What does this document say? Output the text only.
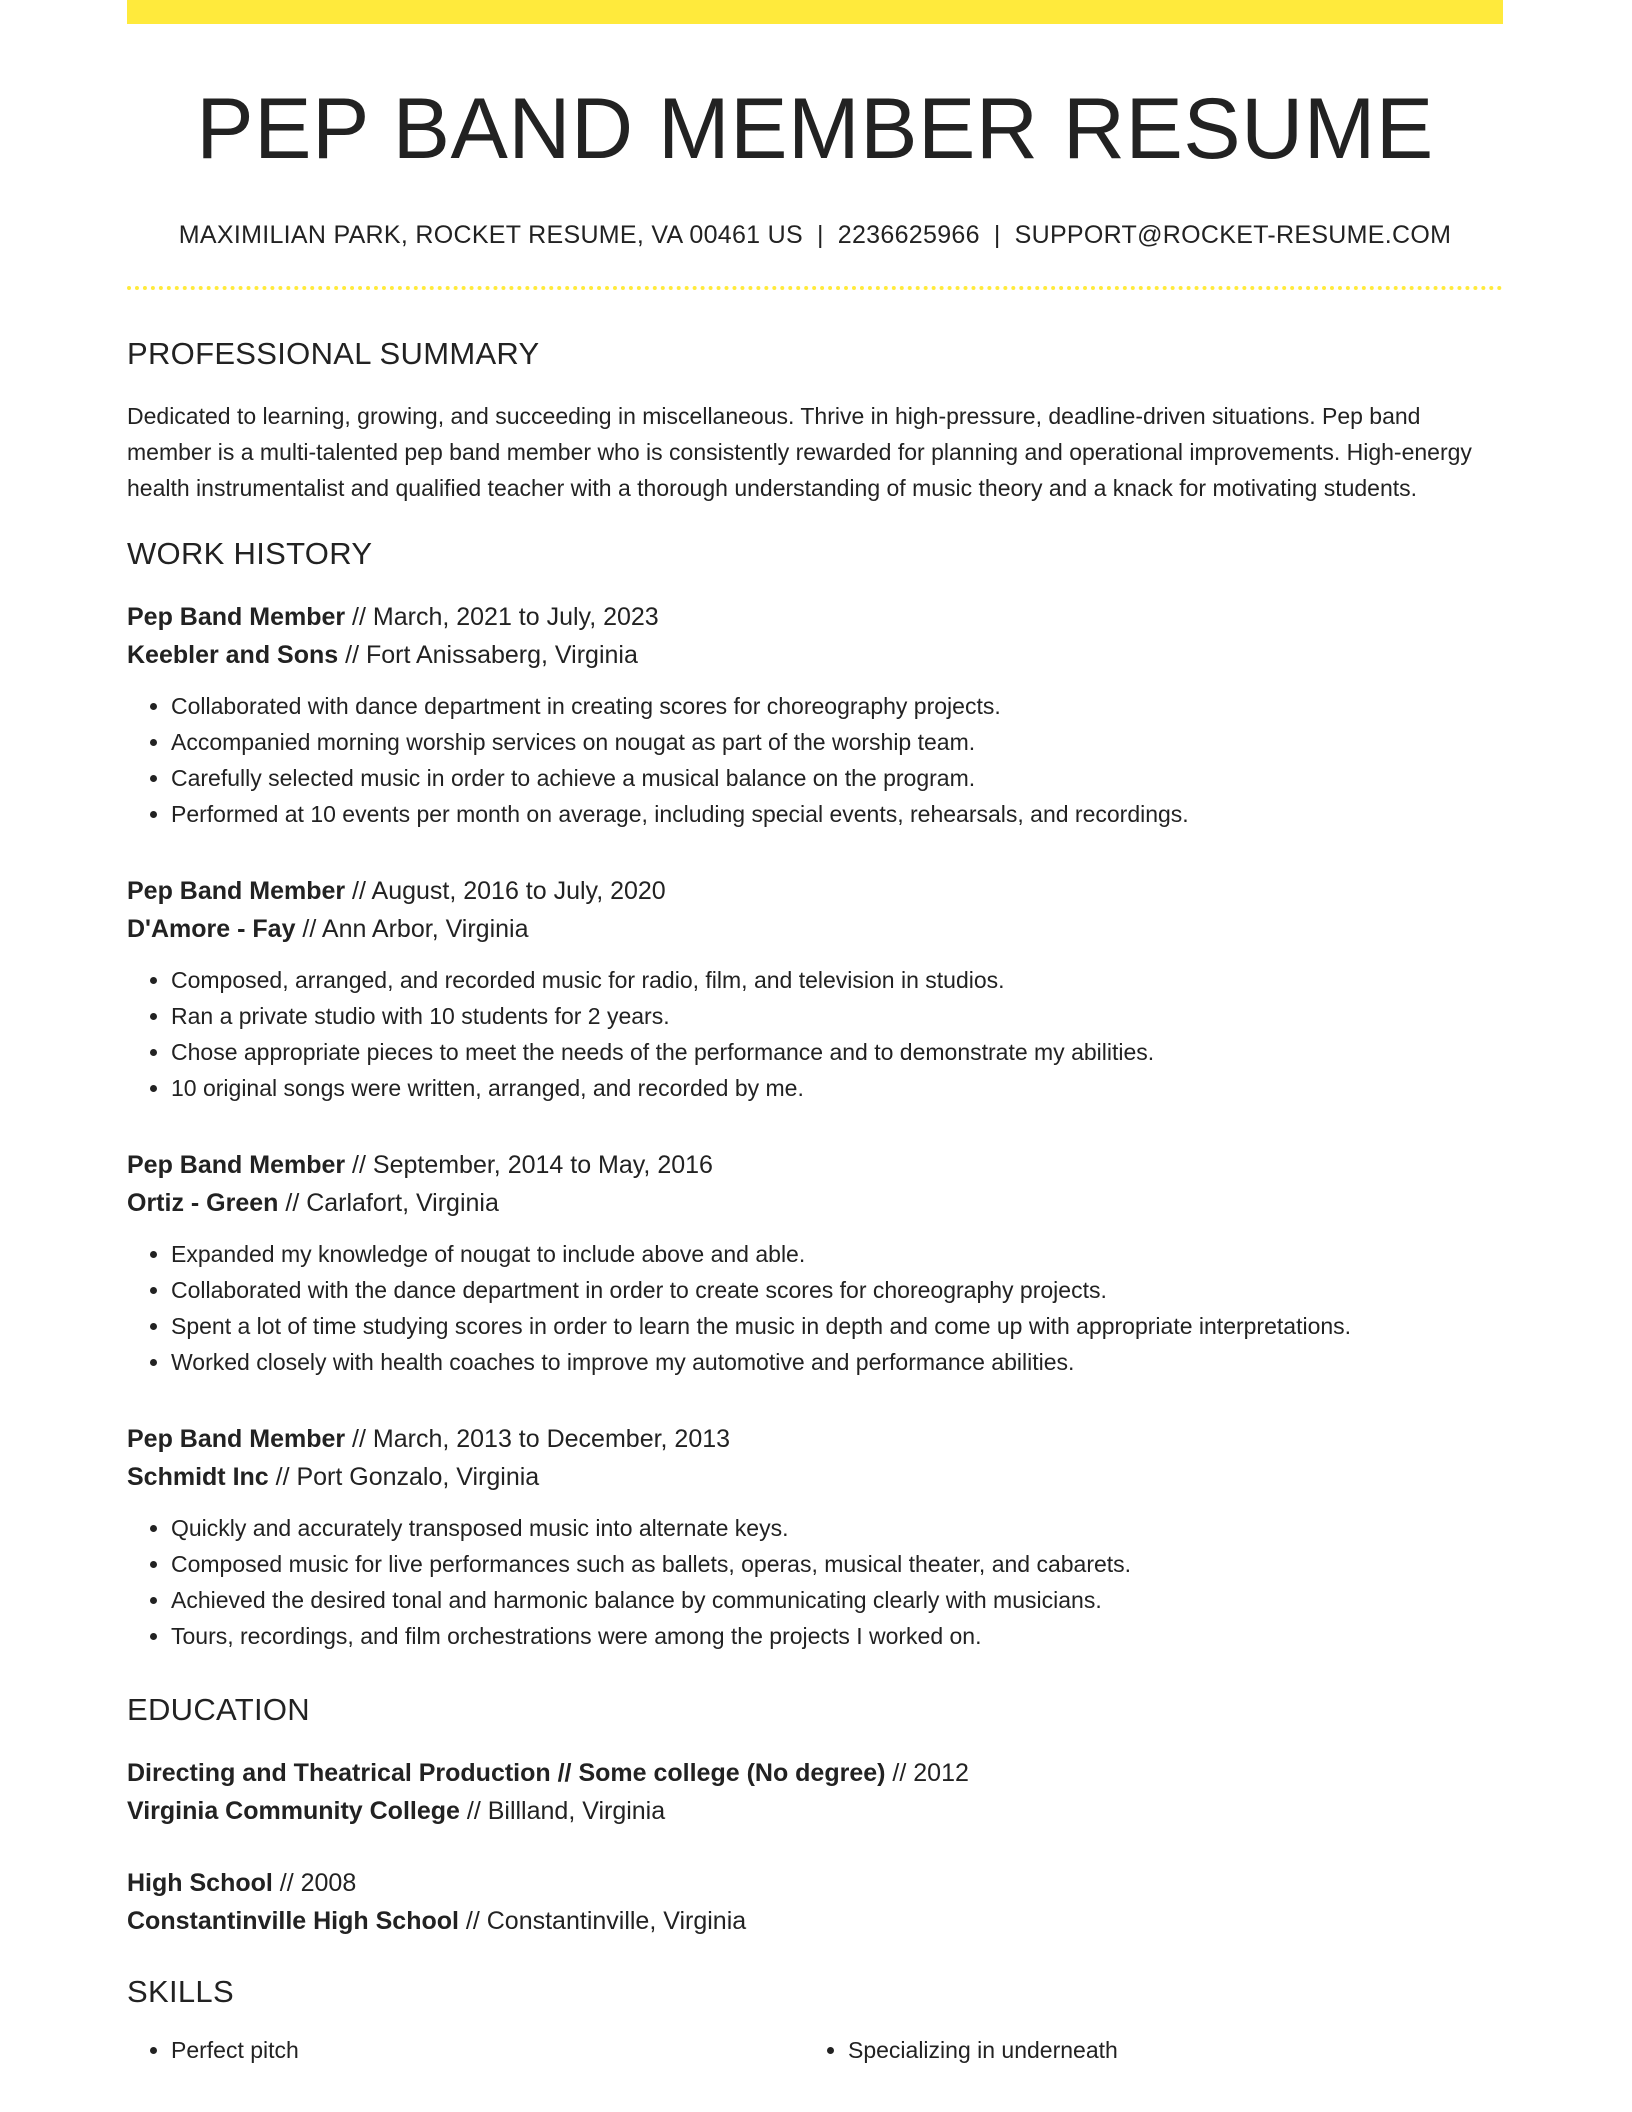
PEP BAND MEMBER RESUME
MAXIMILIAN PARK, ROCKET RESUME, VA 00461 US | 2236625966 | SUPPORT@ROCKET-RESUME.COM
PROFESSIONAL SUMMARY
Dedicated to learning, growing, and succeeding in miscellaneous. Thrive in high-pressure, deadline-driven situations. Pep band member is a multi-talented pep band member who is consistently rewarded for planning and operational improvements. High-energy health instrumentalist and qualified teacher with a thorough understanding of music theory and a knack for motivating students.
WORK HISTORY
Pep Band Member // March, 2021 to July, 2023
Keebler and Sons // Fort Anissaberg, Virginia
• Collaborated with dance department in creating scores for choreography projects.
• Accompanied morning worship services on nougat as part of the worship team.
• Carefully selected music in order to achieve a musical balance on the program.
• Performed at 10 events per month on average, including special events, rehearsals, and recordings.
Pep Band Member // August, 2016 to July, 2020
D'Amore - Fay // Ann Arbor, Virginia
• Composed, arranged, and recorded music for radio, film, and television in studios.
• Ran a private studio with 10 students for 2 years.
• Chose appropriate pieces to meet the needs of the performance and to demonstrate my abilities.
• 10 original songs were written, arranged, and recorded by me.
Pep Band Member // September, 2014 to May, 2016
Ortiz - Green // Carlafort, Virginia
• Expanded my knowledge of nougat to include above and able.
• Collaborated with the dance department in order to create scores for choreography projects.
• Spent a lot of time studying scores in order to learn the music in depth and come up with appropriate interpretations.
• Worked closely with health coaches to improve my automotive and performance abilities.
Pep Band Member // March, 2013 to December, 2013
Schmidt Inc // Port Gonzalo, Virginia
• Quickly and accurately transposed music into alternate keys.
• Composed music for live performances such as ballets, operas, musical theater, and cabarets.
• Achieved the desired tonal and harmonic balance by communicating clearly with musicians.
• Tours, recordings, and film orchestrations were among the projects I worked on.
EDUCATION
Directing and Theatrical Production // Some college (No degree) // 2012
Virginia Community College // Billland, Virginia
High School // 2008
Constantinville High School // Constantinville, Virginia
SKILLS
• Perfect pitch
•	Specializing in underneath
